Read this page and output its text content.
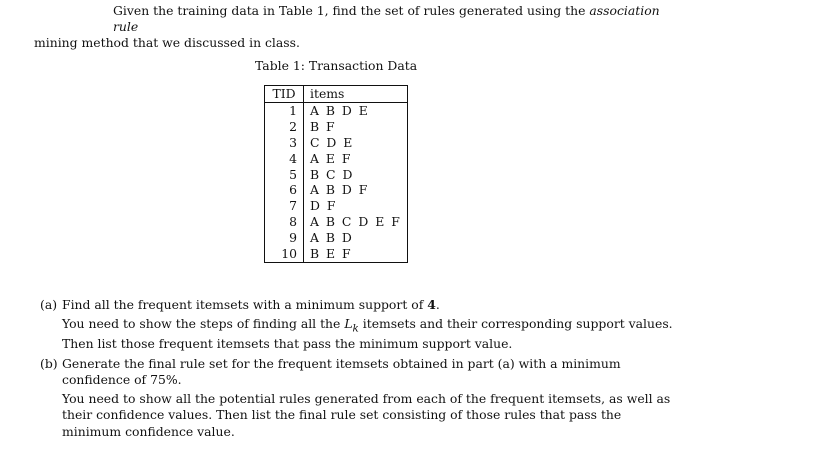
Given the training data in Table 1, find the set of rules generated using the association rule
mining method that we discussed in class.
Table 1: Transaction Data
TID	items
1	A B D E
2	B F
3	C D E
4	A E F
5	B C D
6	A B D F
7	D F
8	A B C D E F
9	A B D
10	B E F
(a) Find all the frequent itemsets with a minimum support of 4.

You need to show the steps of finding all the $L_k$ itemsets and their corresponding support values. Then list those frequent itemsets that pass the minimum support value.

(b) Generate the final rule set for the frequent itemsets obtained in part (a) with a minimum confidence of 75%.

You need to show all the potential rules generated from each of the frequent itemsets, as well as their confidence values. Then list the final rule set consisting of those rules that pass the minimum confidence value.
